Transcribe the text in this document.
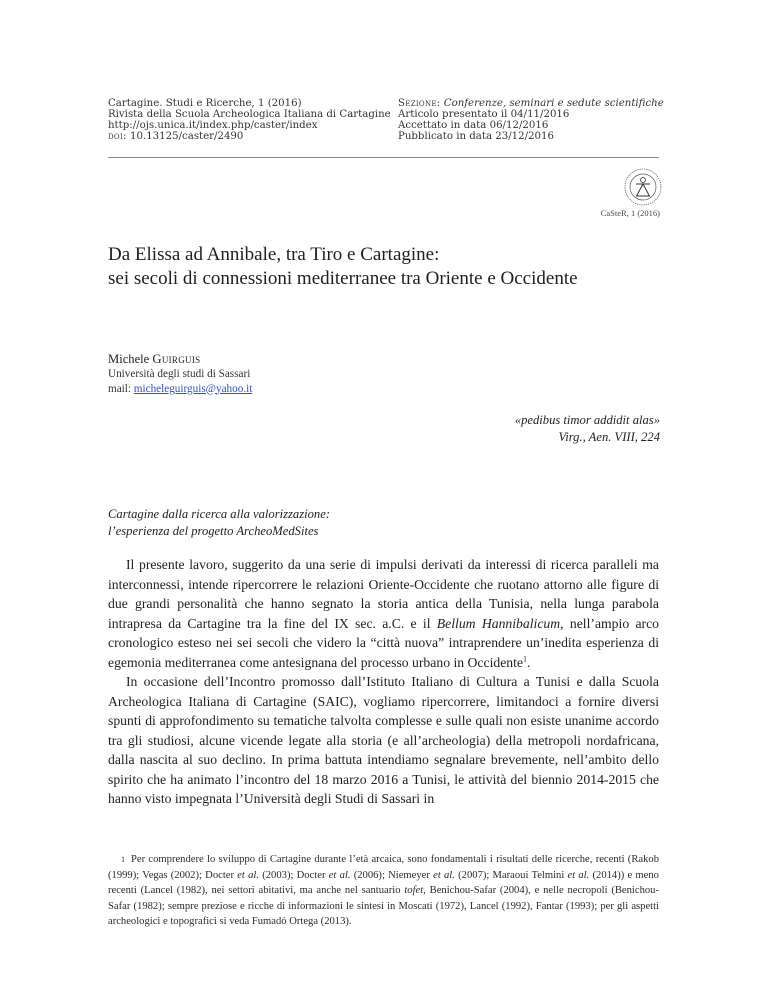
Cartagine. Studi e Ricerche, 1 (2016)
Rivista della Scuola Archeologica Italiana di Cartagine
http://ojs.unica.it/index.php/caster/index
doi: 10.13125/caster/2490
Sezione: Conferenze, seminari e sedute scientifiche
Articolo presentato il 04/11/2016
Accettato in data 06/12/2016
Pubblicato in data 23/12/2016
CaSteR, 1 (2016)
Da Elissa ad Annibale, tra Tiro e Cartagine:
sei secoli di connessioni mediterranee tra Oriente e Occidente
Michele Guirguis
Università degli studi di Sassari
mail: micheleguirguis@yahoo.it
«pedibus timor addidit alas»
Virg., Aen. VIII, 224
Cartagine dalla ricerca alla valorizzazione:
l’esperienza del progetto ArcheoMedSites

Il presente lavoro, suggerito da una serie di impulsi derivati da interessi di ricerca paralleli ma interconnessi, intende ripercorrere le relazioni Oriente-Occidente che ruotano attorno alle figure di due grandi personalità che hanno segnato la storia antica della Tunisia, nella lunga parabola intrapresa da Cartagine tra la fine del IX sec. a.C. e il Bellum Hannibalicum, nell’ampio arco cronologico esteso nei sei secoli che videro la “città nuova” intraprendere un’inedita esperienza di egemonia mediterranea come antesignana del processo urbano in Occidente$^1$.

In occasione dell’Incontro promosso dall’Istituto Italiano di Cultura a Tunisi e dalla Scuola Archeologica Italiana di Cartagine (SAIC), vogliamo ripercorrere, limitandoci a fornire diversi spunti di approfondimento su tematiche talvolta complesse e sulle quali non esiste unanime accordo tra gli studiosi, alcune vicende legate alla storia (e all’archeologia) della metropoli nordafricana, dalla nascita al suo declino. In prima battuta intendiamo segnalare brevemente, nell’ambito dello spirito che ha animato l’incontro del 18 marzo 2016 a Tunisi, le attività del biennio 2014-2015 che hanno visto impegnata l’Università degli Studi di Sassari in

$^1$ Per comprendere lo sviluppo di Cartagine durante l’età arcaica, sono fondamentali i risultati delle ricerche, recenti (Rakob (1999); Vegas (2002); Docter et al. (2003); Docter et al. (2006); Niemeyer et al. (2007); Maraoui Telmini et al. (2014)) e meno recenti (Lancel (1982), nei settori abitativi, ma anche nel santuario tofet, Benichou-Safar (2004), e nelle necropoli (Benichou-Safar (1982); sempre preziose e ricche di informazioni le sintesi in Moscati (1972), Lancel (1992), Fantar (1993); per gli aspetti archeologici e topografici si veda Fumadó Ortega (2013).
